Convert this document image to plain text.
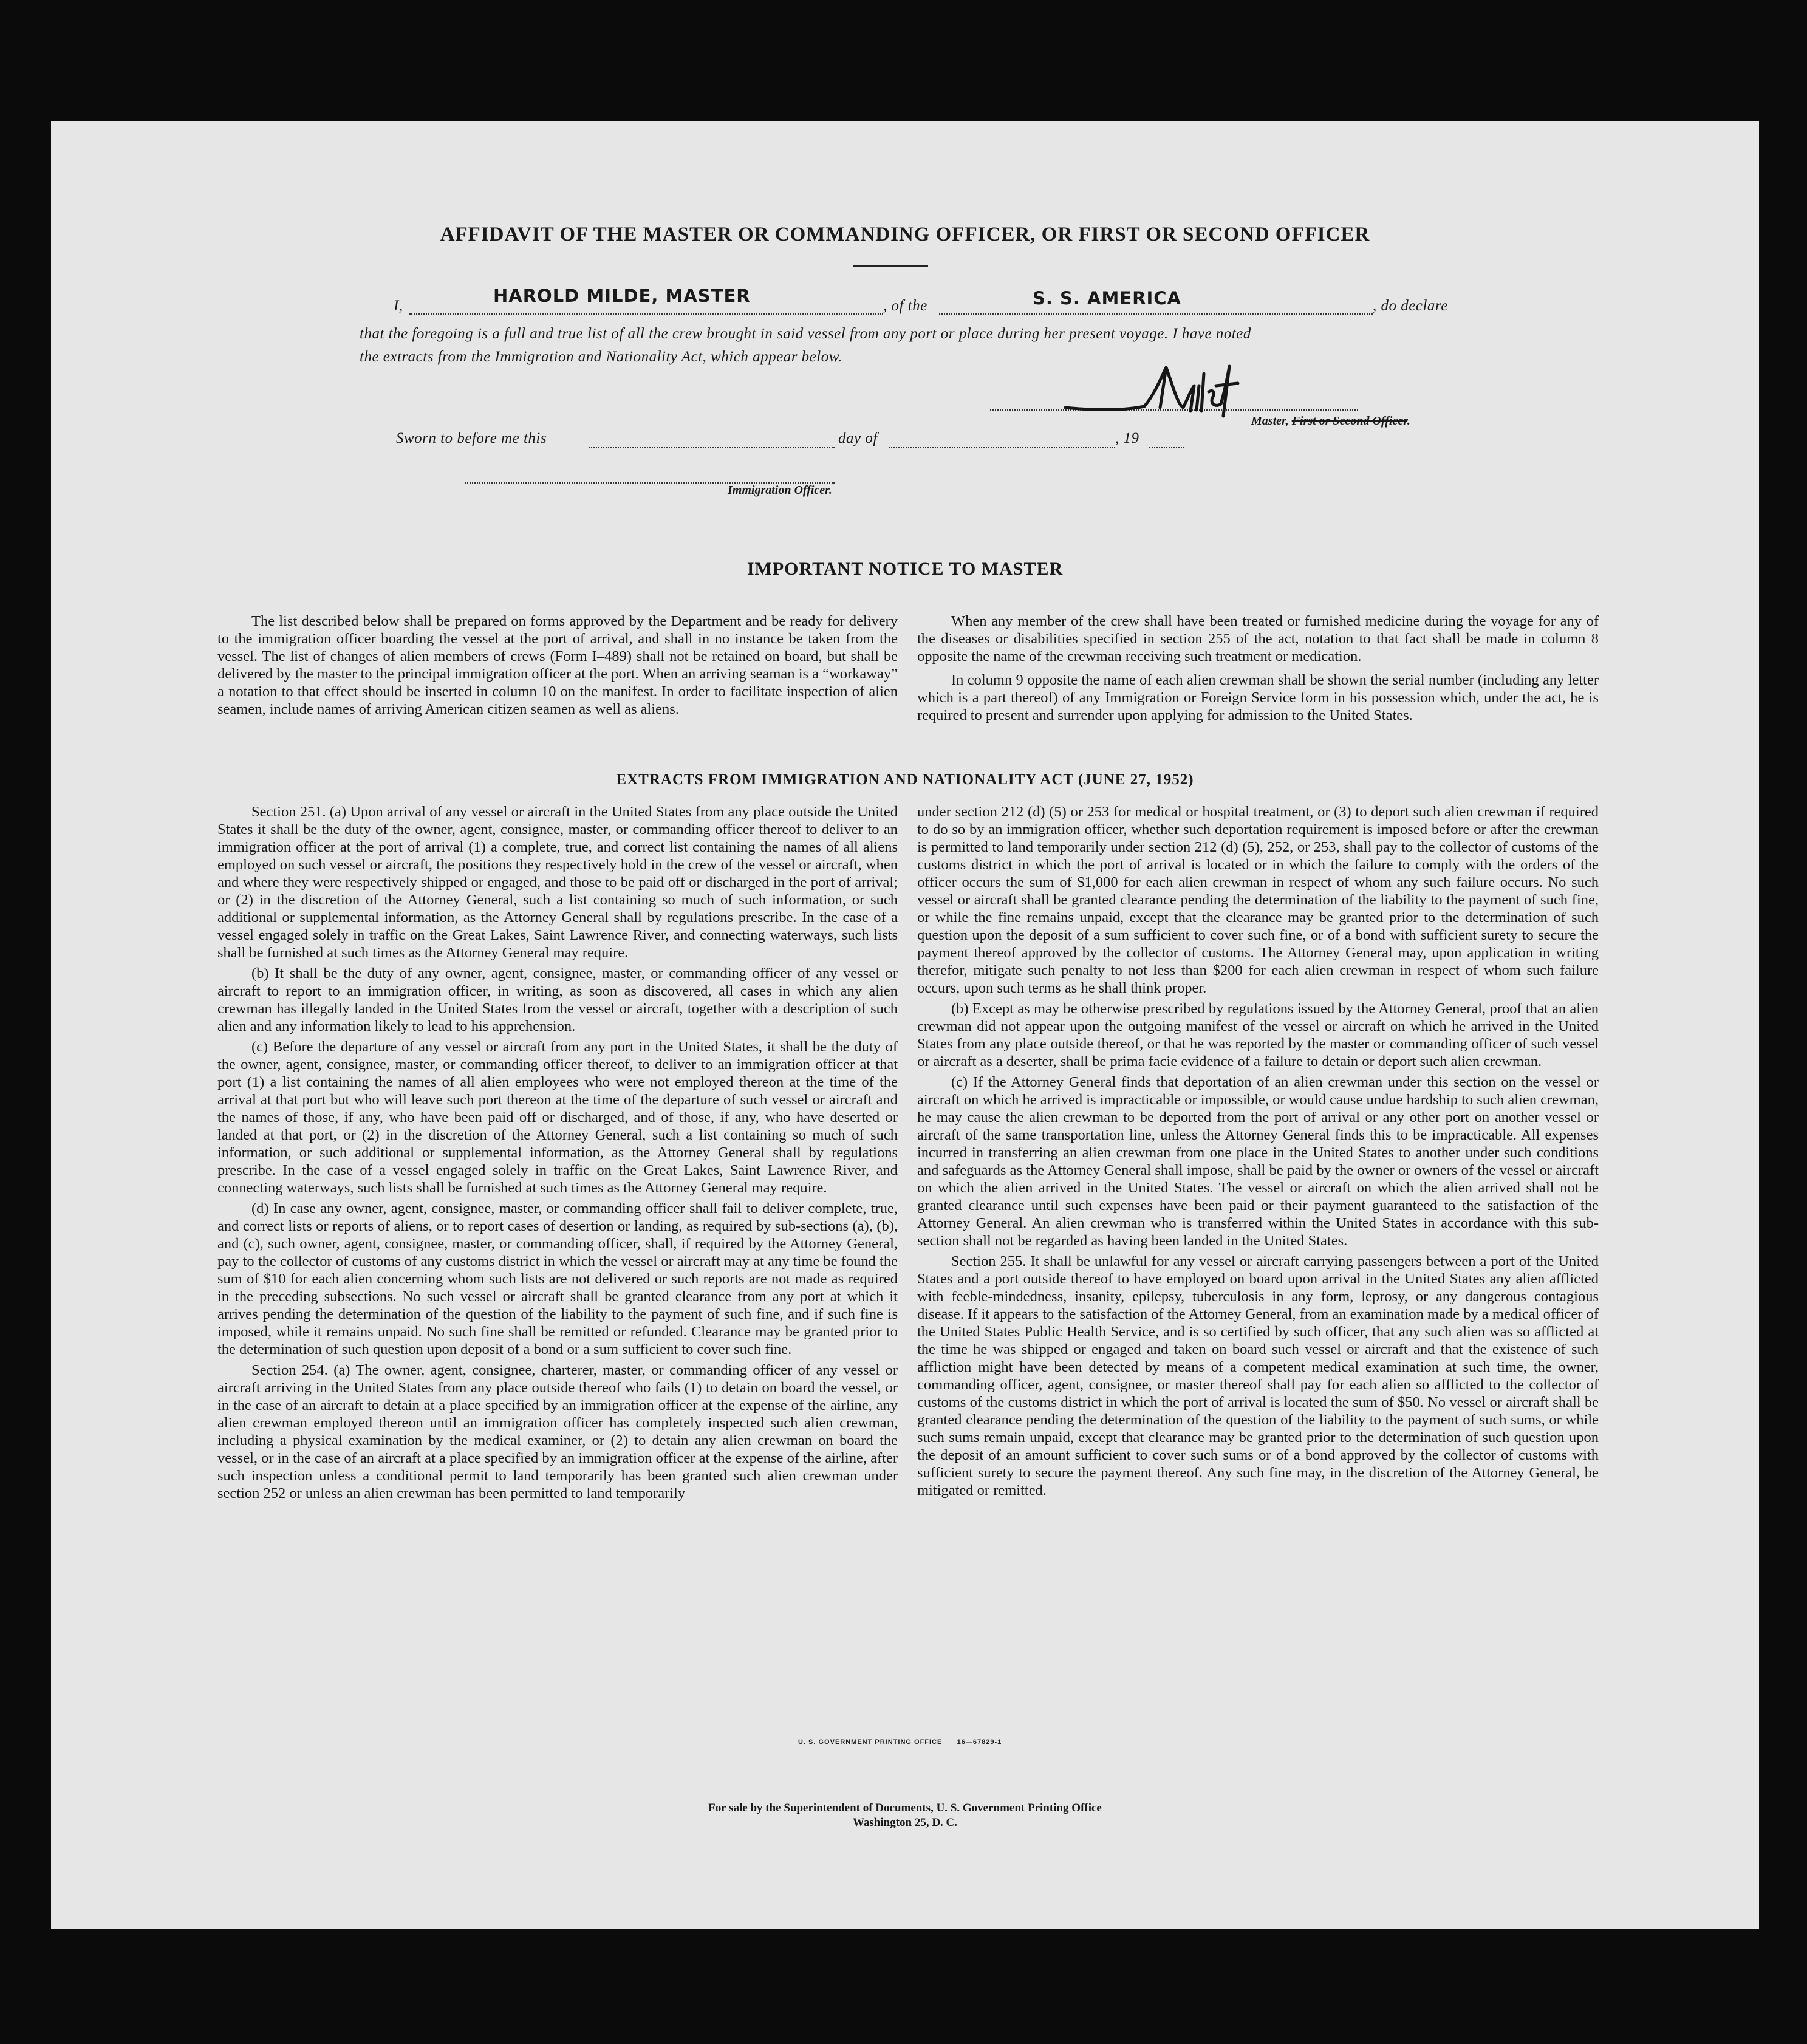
AFFIDAVIT OF THE MASTER OR COMMANDING OFFICER, OR FIRST OR SECOND OFFICER
I,	HAROLD MILDE, MASTER	, of the	S. S. AMERICA	, do declare
that the foregoing is a full and true list of all the crew brought in said vessel from any port or place during her present voyage. I have noted
the extracts from the Immigration and Nationality Act, which appear below.
Master, First or Second Officer.
Sworn to before me this	day of	, 19
Immigration Officer.
IMPORTANT NOTICE TO MASTER

The list described below shall be prepared on forms approved by the Department and be ready for delivery to the immigration officer boarding the vessel at the port of arrival, and shall in no instance be taken from the vessel. The list of changes of alien members of crews (Form I–489) shall not be retained on board, but shall be delivered by the master to the principal immigration officer at the port. When an arriving seaman is a “workaway” a notation to that effect should be inserted in column 10 on the manifest. In order to facilitate inspection of alien seamen, include names of arriving American citizen seamen as well as aliens.

When any member of the crew shall have been treated or furnished medicine during the voyage for any of the diseases or disabilities specified in section 255 of the act, notation to that fact shall be made in column 8 opposite the name of the crewman receiving such treatment or medication.

In column 9 opposite the name of each alien crewman shall be shown the serial number (including any letter which is a part thereof) of any Immigration or Foreign Service form in his possession which, under the act, he is required to present and surrender upon applying for admission to the United States.

EXTRACTS FROM IMMIGRATION AND NATIONALITY ACT (JUNE 27, 1952)

Section 251. (a) Upon arrival of any vessel or aircraft in the United States from any place outside the United States it shall be the duty of the owner, agent, consignee, master, or commanding officer thereof to deliver to an immigration officer at the port of arrival (1) a complete, true, and correct list containing the names of all aliens employed on such vessel or aircraft, the positions they respectively hold in the crew of the vessel or aircraft, when and where they were respectively shipped or engaged, and those to be paid off or discharged in the port of arrival; or (2) in the discretion of the Attorney General, such a list containing so much of such information, or such additional or supplemental information, as the Attorney General shall by regulations prescribe. In the case of a vessel engaged solely in traffic on the Great Lakes, Saint Lawrence River, and connecting waterways, such lists shall be furnished at such times as the Attorney General may require.

(b) It shall be the duty of any owner, agent, consignee, master, or commanding officer of any vessel or aircraft to report to an immigration officer, in writing, as soon as discovered, all cases in which any alien crewman has illegally landed in the United States from the vessel or aircraft, together with a description of such alien and any information likely to lead to his apprehension.

(c) Before the departure of any vessel or aircraft from any port in the United States, it shall be the duty of the owner, agent, consignee, master, or commanding officer thereof, to deliver to an immigration officer at that port (1) a list containing the names of all alien employees who were not employed thereon at the time of the arrival at that port but who will leave such port thereon at the time of the departure of such vessel or aircraft and the names of those, if any, who have been paid off or discharged, and of those, if any, who have deserted or landed at that port, or (2) in the discretion of the Attorney General, such a list containing so much of such information, or such additional or supplemental information, as the Attorney General shall by regulations prescribe. In the case of a vessel engaged solely in traffic on the Great Lakes, Saint Lawrence River, and connecting waterways, such lists shall be furnished at such times as the Attorney General may require.

(d) In case any owner, agent, consignee, master, or commanding officer shall fail to deliver complete, true, and correct lists or reports of aliens, or to report cases of desertion or landing, as required by sub-sections (a), (b), and (c), such owner, agent, consignee, master, or commanding officer, shall, if required by the Attorney General, pay to the collector of customs of any customs district in which the vessel or aircraft may at any time be found the sum of $10 for each alien concerning whom such lists are not delivered or such reports are not made as required in the preceding subsections. No such vessel or aircraft shall be granted clearance from any port at which it arrives pending the determination of the question of the liability to the payment of such fine, and if such fine is imposed, while it remains unpaid. No such fine shall be remitted or refunded. Clearance may be granted prior to the determination of such question upon deposit of a bond or a sum sufficient to cover such fine.

Section 254. (a) The owner, agent, consignee, charterer, master, or commanding officer of any vessel or aircraft arriving in the United States from any place outside thereof who fails (1) to detain on board the vessel, or in the case of an aircraft to detain at a place specified by an immigration officer at the expense of the airline, any alien crewman employed thereon until an immigration officer has completely inspected such alien crewman, including a physical examination by the medical examiner, or (2) to detain any alien crewman on board the vessel, or in the case of an aircraft at a place specified by an immigration officer at the expense of the airline, after such inspection unless a conditional permit to land temporarily has been granted such alien crewman under section 252 or unless an alien crewman has been permitted to land temporarily

under section 212 (d) (5) or 253 for medical or hospital treatment, or (3) to deport such alien crewman if required to do so by an immigration officer, whether such deportation requirement is imposed before or after the crewman is permitted to land temporarily under section 212 (d) (5), 252, or 253, shall pay to the collector of customs of the customs district in which the port of arrival is located or in which the failure to comply with the orders of the officer occurs the sum of $1,000 for each alien crewman in respect of whom any such failure occurs. No such vessel or aircraft shall be granted clearance pending the determination of the liability to the payment of such fine, or while the fine remains unpaid, except that the clearance may be granted prior to the determination of such question upon the deposit of a sum sufficient to cover such fine, or of a bond with sufficient surety to secure the payment thereof approved by the collector of customs. The Attorney General may, upon application in writing therefor, mitigate such penalty to not less than $200 for each alien crewman in respect of whom such failure occurs, upon such terms as he shall think proper.

(b) Except as may be otherwise prescribed by regulations issued by the Attorney General, proof that an alien crewman did not appear upon the outgoing manifest of the vessel or aircraft on which he arrived in the United States from any place outside thereof, or that he was reported by the master or commanding officer of such vessel or aircraft as a deserter, shall be prima facie evidence of a failure to detain or deport such alien crewman.

(c) If the Attorney General finds that deportation of an alien crewman under this section on the vessel or aircraft on which he arrived is impracticable or impossible, or would cause undue hardship to such alien crewman, he may cause the alien crewman to be deported from the port of arrival or any other port on another vessel or aircraft of the same transportation line, unless the Attorney General finds this to be impracticable. All expenses incurred in transferring an alien crewman from one place in the United States to another under such conditions and safeguards as the Attorney General shall impose, shall be paid by the owner or owners of the vessel or aircraft on which the alien arrived in the United States. The vessel or aircraft on which the alien arrived shall not be granted clearance until such expenses have been paid or their payment guaranteed to the satisfaction of the Attorney General. An alien crewman who is transferred within the United States in accordance with this sub-section shall not be regarded as having been landed in the United States.

Section 255. It shall be unlawful for any vessel or aircraft carrying passengers between a port of the United States and a port outside thereof to have employed on board upon arrival in the United States any alien afflicted with feeble-mindedness, insanity, epilepsy, tuberculosis in any form, leprosy, or any dangerous contagious disease. If it appears to the satisfaction of the Attorney General, from an examination made by a medical officer of the United States Public Health Service, and is so certified by such officer, that any such alien was so afflicted at the time he was shipped or engaged and taken on board such vessel or aircraft and that the existence of such affliction might have been detected by means of a competent medical examination at such time, the owner, commanding officer, agent, consignee, or master thereof shall pay for each alien so afflicted to the collector of customs of the customs district in which the port of arrival is located the sum of $50. No vessel or aircraft shall be granted clearance pending the determination of the question of the liability to the payment of such sums, or while such sums remain unpaid, except that clearance may be granted prior to the determination of such question upon the deposit of an amount sufficient to cover such sums or of a bond approved by the collector of customs with sufficient surety to secure the payment thereof. Any such fine may, in the discretion of the Attorney General, be mitigated or remitted.

U. S. GOVERNMENT PRINTING OFFICE      16—67829-1
For sale by the Superintendent of Documents, U. S. Government Printing Office
Washington 25, D. C.
